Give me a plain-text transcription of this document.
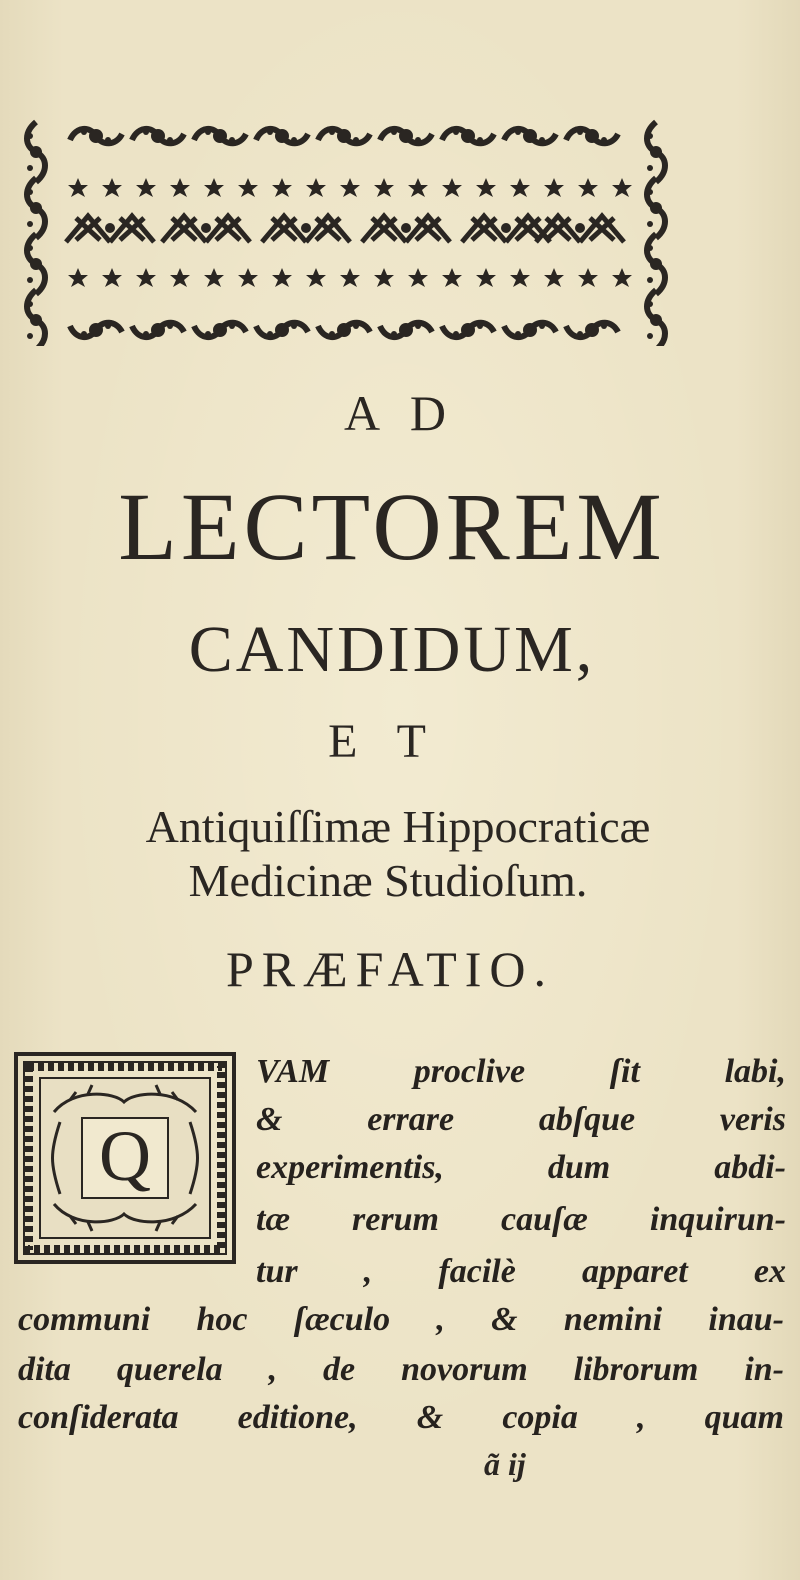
A D
LECTOREM
CANDIDUM,
E T
Antiquiſſimæ Hippocraticæ
Medicinæ Studioſum.
PRÆFATIO.
Q
VAM proclive ſit labi,
& errare abſque veris
experimentis,	dum	abdi-
tæ rerum cauſæ inquirun-
tur , facilè apparet ex
communi hoc ſæculo , & nemini inau-
dita querela , de novorum librorum in-
conſiderata editione, & copia , quam
ã ij
